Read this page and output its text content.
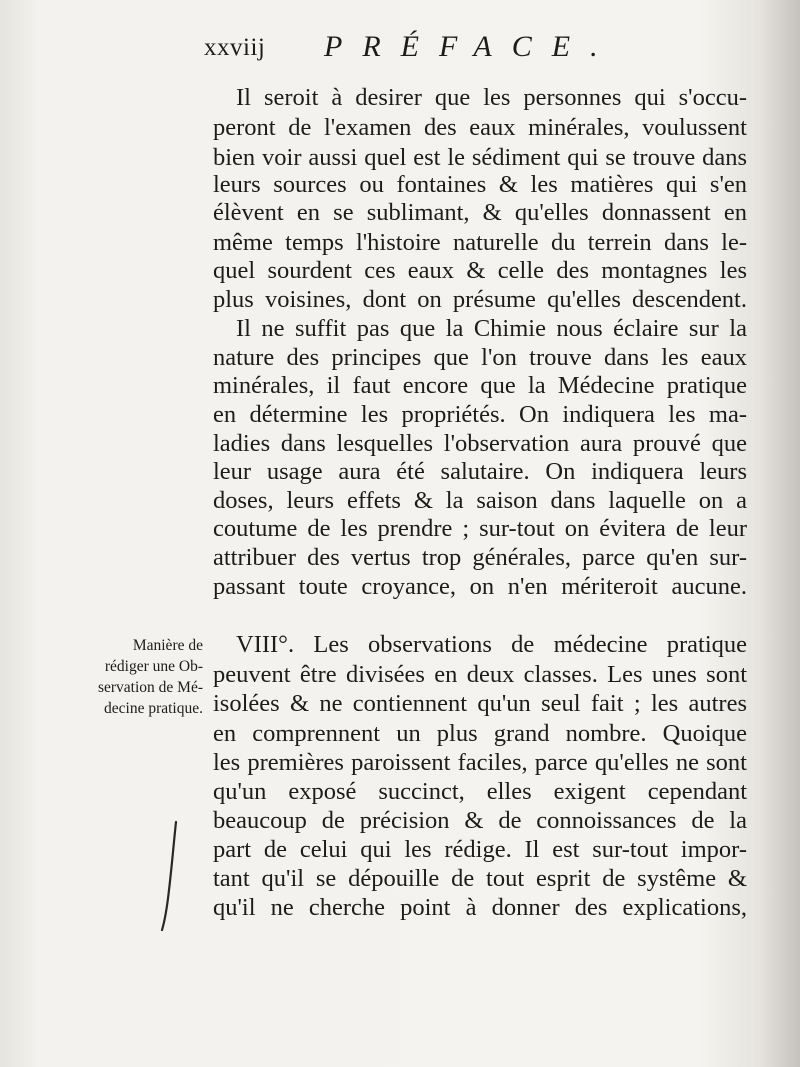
xxviij PRÉFACE.
Il seroit à desirer que les personnes qui s'occu-
peront de l'examen des eaux minérales, voulussent
bien voir aussi quel est le sédiment qui se trouve dans
leurs sources ou fontaines & les matières qui s'en
élèvent en se sublimant, & qu'elles donnassent en
même temps l'histoire naturelle du terrein dans le-
quel sourdent ces eaux & celle des montagnes les
plus voisines, dont on présume qu'elles descendent.
Il ne suffit pas que la Chimie nous éclaire sur la
nature des principes que l'on trouve dans les eaux
minérales, il faut encore que la Médecine pratique
en détermine les propriétés. On indiquera les ma-
ladies dans lesquelles l'observation aura prouvé que
leur usage aura été salutaire. On indiquera leurs
doses, leurs effets & la saison dans laquelle on a
coutume de les prendre ; sur-tout on évitera de leur
attribuer des vertus trop générales, parce qu'en sur-
passant toute croyance, on n'en mériteroit aucune.
Manière de
rédiger une Ob-
servation de Mé-
decine pratique.
VIII°. Les observations de médecine pratique
peuvent être divisées en deux classes. Les unes sont
isolées & ne contiennent qu'un seul fait ; les autres
en comprennent un plus grand nombre. Quoique
les premières paroissent faciles, parce qu'elles ne sont
qu'un exposé succinct, elles exigent cependant
beaucoup de précision & de connoissances de la
part de celui qui les rédige. Il est sur-tout impor-
tant qu'il se dépouille de tout esprit de systême &
qu'il ne cherche point à donner des explications,
